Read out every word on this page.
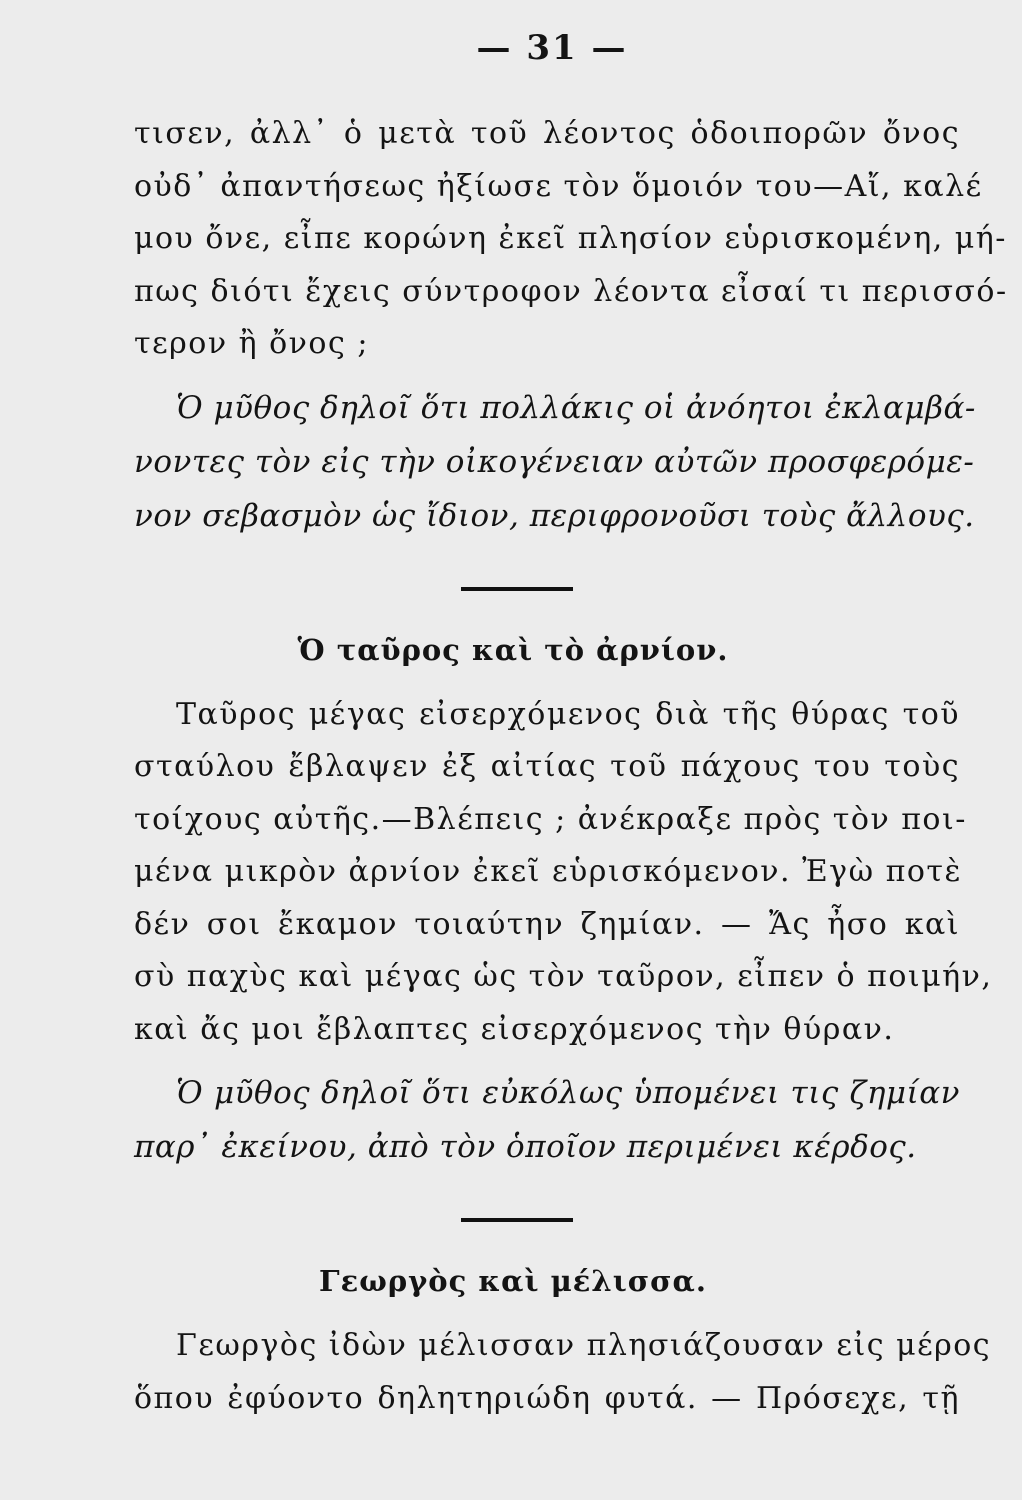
— 31 —
τισεν, ἀλλ᾿ ὁ μετὰ τοῦ λέοντος ὁδοιπορῶν ὄνος
οὐδ᾿ ἀπαντήσεως ἠξίωσε τὸν ὅμοιόν του—Αἴ, καλέ
μου ὄνε, εἶπε κορώνη ἐκεῖ πλησίον εὑρισκομένη, μή-
πως διότι ἔχεις σύντροφον λέοντα εἶσαί τι περισσό-
τερον ἢ ὄνος ;
Ὁ μῦθος δηλοῖ ὅτι πολλάκις οἱ ἀνόητοι ἐκλαμβά-
νοντες τὸν εἰς τὴν οἰκογένειαν αὐτῶν προσφερόμε-
νον σεβασμὸν ὡς ἴδιον, περιφρονοῦσι τοὺς ἄλλους.
Ὁ ταῦρος καὶ τὸ ἀρνίον.
Ταῦρος μέγας εἰσερχόμενος διὰ τῆς θύρας τοῦ
σταύλου ἔβλαψεν ἐξ αἰτίας τοῦ πάχους του τοὺς
τοίχους αὐτῆς.—Βλέπεις ; ἀνέκραξε πρὸς τὸν ποι-
μένα μικρὸν ἀρνίον ἐκεῖ εὑρισκόμενον. Ἐγὼ ποτὲ
δέν σοι ἔκαμον τοιαύτην ζημίαν. — Ἄς ἦσο καὶ
σὺ παχὺς καὶ μέγας ὡς τὸν ταῦρον, εἶπεν ὁ ποιμήν,
καὶ ἄς μοι ἔβλαπτες εἰσερχόμενος τὴν θύραν.
Ὁ μῦθος δηλοῖ ὅτι εὐκόλως ὑπομένει τις ζημίαν
παρ᾿ ἐκείνου, ἀπὸ τὸν ὁποῖον περιμένει κέρδος.
Γεωργὸς καὶ μέλισσα.
Γεωργὸς ἰδὼν μέλισσαν πλησιάζουσαν εἰς μέρος
ὅπου ἐφύοντο δηλητηριώδη φυτά. — Πρόσεχε, τῇ
